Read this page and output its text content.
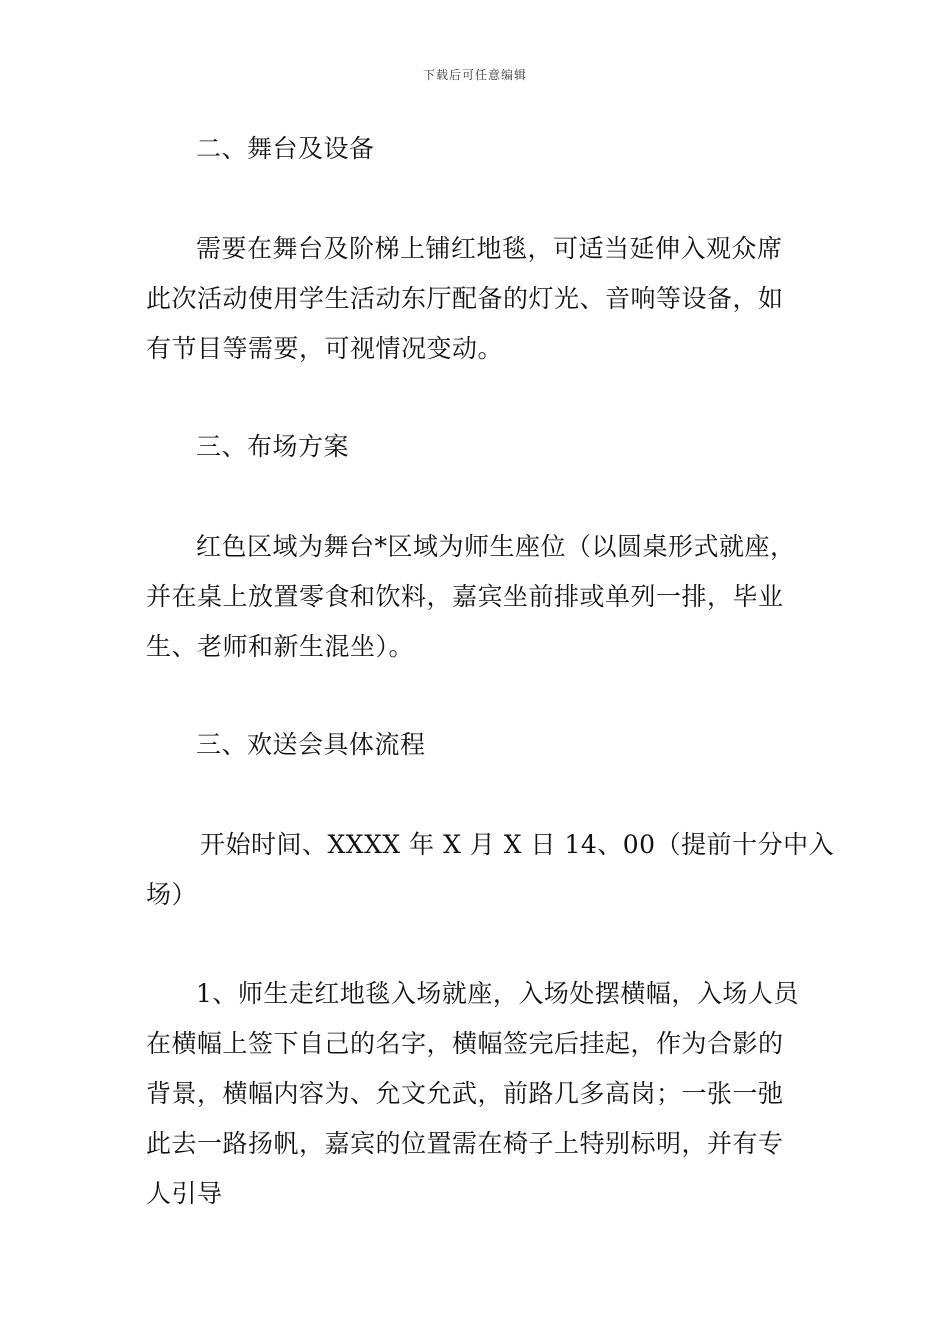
下载后可任意编辑
二、舞台及设备
需要在舞台及阶梯上铺红地毯，可适当延伸入观众席
此次活动使用学生活动东厅配备的灯光、音响等设备，如
有节目等需要，可视情况变动。
三、布场方案
红色区域为舞台*区域为师生座位（以圆桌形式就座，
并在桌上放置零食和饮料，嘉宾坐前排或单列一排，毕业
生、老师和新生混坐）。
三、欢送会具体流程
开始时间、XXXX 年 X 月 X 日 14、00（提前十分中入
场）
1、师生走红地毯入场就座，入场处摆横幅，入场人员
在横幅上签下自己的名字，横幅签完后挂起，作为合影的
背景，横幅内容为、允文允武，前路几多高岗；一张一弛
此去一路扬帆，嘉宾的位置需在椅子上特别标明，并有专
人引导
